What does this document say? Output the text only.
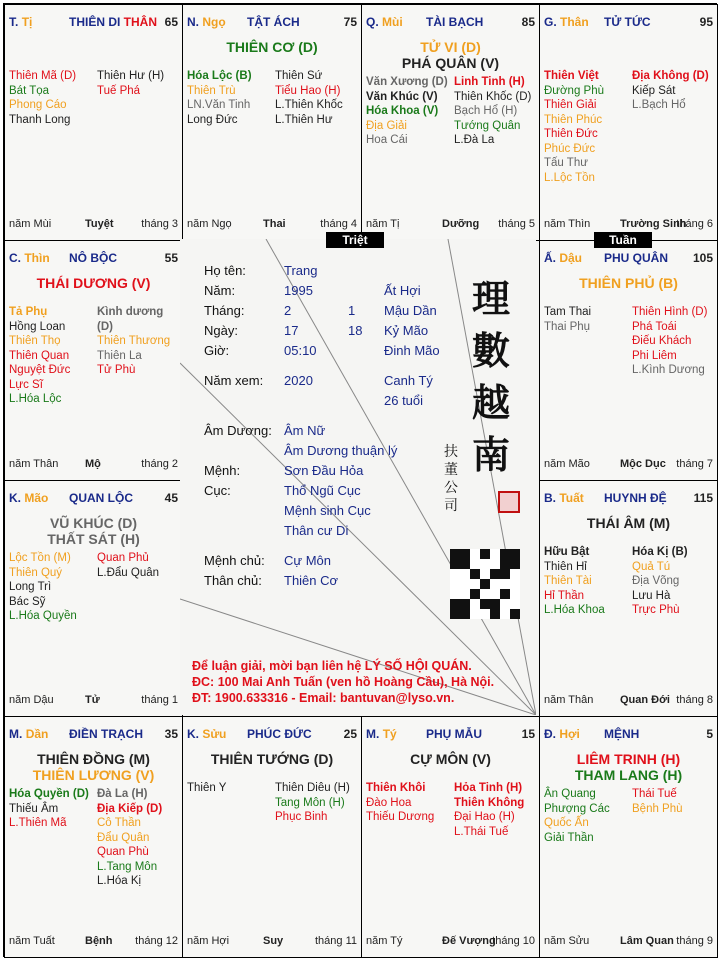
T. Tị	THIÊN DI THÂN 65
Thiên Mã (D)
Bát Tọa
Phong Cáo
Thanh Long
Thiên Hư (H)
Tuế Phá
năm Mùi	Tuyệt	tháng 3
N. Ngọ TẬT ÁCH	75
THIÊN CƠ (D)
Hóa Lộc (B)
Thiên Trù
LN.Văn Tinh
Long Đức
Thiên Sứ
Tiểu Hao (H)
L.Thiên Khốc
L.Thiên Hư
năm Ngọ	Thai	tháng 4
Q. Mùi TÀI BẠCH	85
TỬ VI (D)
PHÁ QUÂN (V)
Văn Xương (D)
Văn Khúc (V)
Hóa Khoa (V)
Địa Giải
Hoa Cái
Linh Tinh (H)
Thiên Khốc (D)
Bạch Hổ (H)
Tướng Quân
L.Đà La
năm Tị	Dưỡng tháng 5
G. Thân TỬ TỨC	95
Thiên Việt
Đường Phù
Thiên Giải
Thiên Phúc
Thiên Đức
Phúc Đức
Tấu Thư
L.Lộc Tồn
Địa Không (D)
Kiếp Sát
L.Bạch Hổ
năm Thìn	Trường Sinh
tháng 6
C. Thìn NÔ BỘC	55
THÁI DƯƠNG (V)
Tả Phụ
Hồng Loan
Thiên Thọ
Thiên Quan
Nguyệt Đức
Lực Sĩ
L.Hóa Lộc
Kình dương (D)
Thiên Thương
Thiên La
Tử Phù
năm Thân Mộ	tháng 2
Ấ. Dậu PHU QUÂN 105
THIÊN PHỦ (B)
Tam Thai
Thai Phụ
Thiên Hình (D)
Phá Toái
Điếu Khách
Phi Liêm
L.Kình Dương
năm Mão	Mộc Dục tháng 7
K. Mão QUAN LỘC	45
VŨ KHÚC (D)
THẤT SÁT (H)
Lộc Tồn (M)
Thiên Quý
Long Trì
Bác Sỹ
L.Hóa Quyền
Quan Phủ
L.Đẩu Quân
năm Dậu	Tử	tháng 1
B. Tuất HUYNH ĐỆ 115
THÁI ÂM (M)
Hữu Bật
Thiên Hỉ
Thiên Tài
Hỉ Thần
L.Hóa Khoa
Hóa Kị (B)
Quả Tú
Địa Võng
Lưu Hà
Trực Phù
năm Thân Quan Đới tháng 8
M. Dần ĐIỀN TRẠCH 35
THIÊN ĐỒNG (M)
THIÊN LƯƠNG (V)
Hóa Quyền (D)
Thiếu Âm
L.Thiên Mã
Đà La (H)
Địa Kiếp (D)
Cô Thần
Đẩu Quân
Quan Phù
L.Tang Môn
L.Hóa Kị
năm Tuất	Bệnh tháng 12
K. Sửu PHÚC ĐỨC	25
THIÊN TƯỚNG (D)
Thiên Y	Thiên Diêu (H)
Tang Môn (H)
Phục Binh
năm Hợi	Suy	tháng 11
M. Tý PHỤ MẪU	15
CỰ MÔN (V)
Thiên Khôi
Đào Hoa
Thiếu Dương
Hỏa Tinh (H)
Thiên Không
Đại Hao (H)
L.Thái Tuế
năm Tý	Đế Vượng
tháng 10
Đ. Hợi MỆNH	5
LIÊM TRINH (H)
THAM LANG (H)
Ân Quang
Phượng Các
Quốc Ấn
Giải Thần
Thái Tuế
Bệnh Phù
năm Sửu	Lâm Quan tháng 9
Họ tên:	Trang
Năm:	1995	Ất Hợi
Tháng:	2	1 Mậu Dần
Ngày:	17	18 Kỷ Mão
Giờ:	05:10	Đinh Mão
Năm xem: 2020	Canh Tý
26 tuổi
Âm Dương: Âm Nữ
Âm Dương thuận lý
Mệnh:	Sơn Đầu Hỏa
Cục:	Thổ Ngũ Cục
Mệnh sinh Cục
Thân cư Di
Mệnh chủ: Cự Môn
Thân chủ: Thiên Cơ
理
數
越
南
扶
董
公
司
Để luận giải, mời bạn liên hệ LÝ SỐ HỘI QUÁN.
ĐC: 100 Mai Anh Tuấn (ven hồ Hoàng Cầu), Hà Nội.
ĐT: 1900.633316 - Email: bantuvan@lyso.vn.
Triệt	Tuần
